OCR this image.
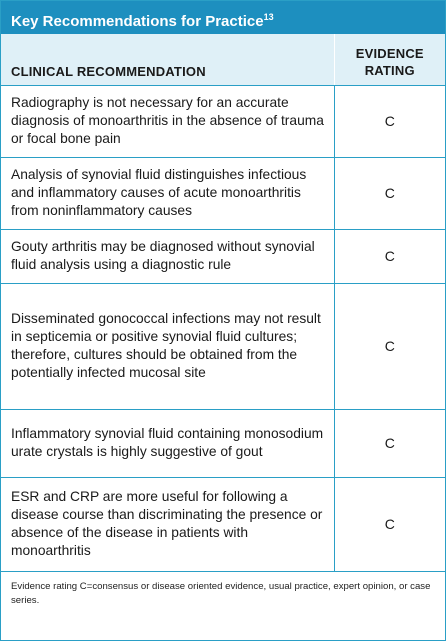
Key Recommendations for Practice$^{13}$
CLINICAL RECOMMENDATION	EVIDENCE
RATING
Radiography is not necessary for an accurate diagnosis of monoarthritis in the absence of trauma or focal bone pain	C
Analysis of synovial fluid distinguishes infectious and inflammatory causes of acute monoarthritis from noninflammatory causes	C
Gouty arthritis may be diagnosed without synovial fluid analysis using a diagnostic rule	C
Disseminated gonococcal infections may not result in septicemia or positive synovial fluid cultures; therefore, cultures should be obtained from the potentially infected mucosal site	C
Inflammatory synovial fluid containing monosodium urate crystals is highly suggestive of gout	C
ESR and CRP are more useful for following a disease course than discriminating the presence or absence of the disease in patients with monoarthritis	C
Evidence rating C=consensus or disease oriented evidence, usual practice, expert opinion, or case series.
